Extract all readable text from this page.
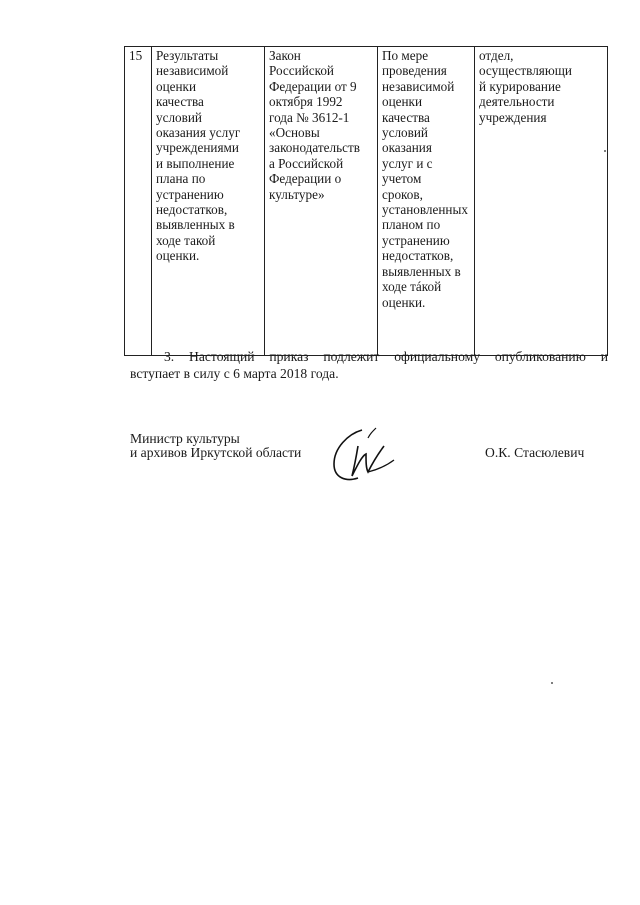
15	Результаты
независимой
оценки
качества
условий
оказания услуг
учреждениями
и выполнение
плана по
устранению
недостатков,
выявленных в
ходе такой
оценки.	Закон
Российской
Федерации от 9
октября 1992
года № 3612-1
«Основы
законодательств
а Российской
Федерации о
культуре»	По мере
проведения
независимой
оценки
качества
условий
оказания
услуг и с
учетом
сроков,
установленных
планом по
устранению
недостатков,
выявленных в
ходе тáкой
оценки.	отдел,
осуществляющи
й курирование
деятельности
учреждения
3. Настоящий приказ подлежит официальному опубликованию и
вступает в силу с 6 марта 2018 года.
Министр культуры
и архивов Иркутской области	О.К. Стасюлевич
